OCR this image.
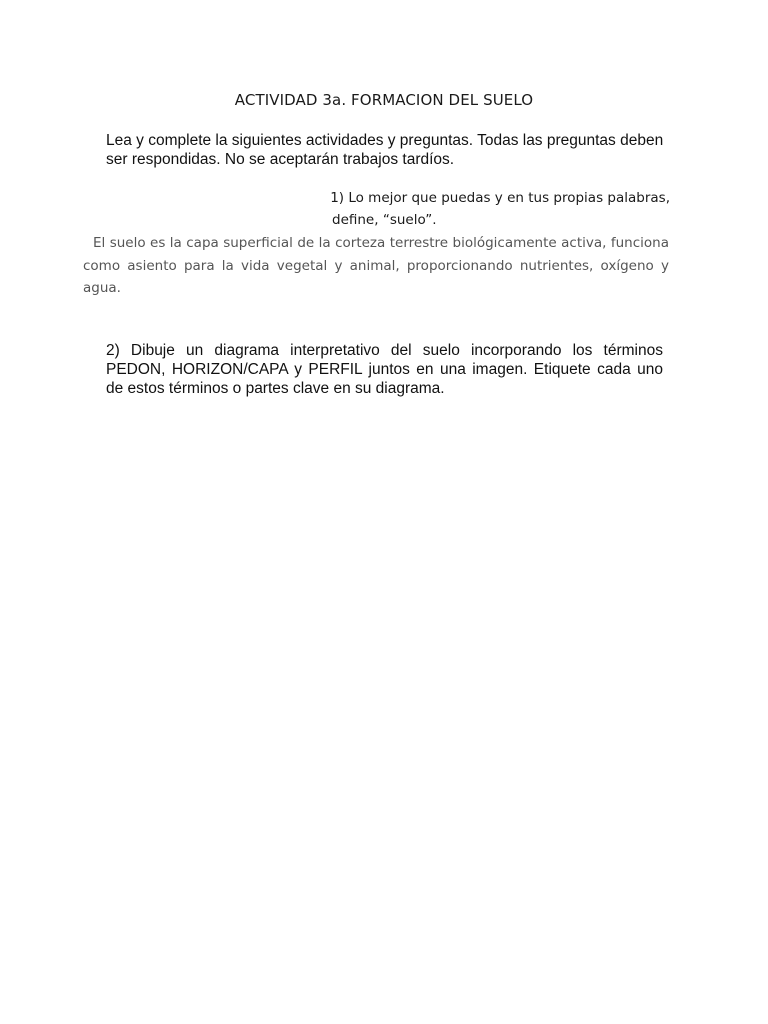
ACTIVIDAD 3a. FORMACION DEL SUELO
Lea y complete la siguientes actividades y preguntas. Todas las preguntas deben ser respondidas. No se aceptarán trabajos tardíos.
1) Lo mejor que puedas y en tus propias palabras,
define, “suelo”.
El suelo es la capa superficial de la corteza terrestre biológicamente activa, funciona como asiento para la vida vegetal y animal, proporcionando nutrientes, oxígeno y agua.
2) Dibuje un diagrama interpretativo del suelo incorporando los términos PEDON, HORIZON/CAPA y PERFIL juntos en una imagen. Etiquete cada uno de estos términos o partes clave en su diagrama.
